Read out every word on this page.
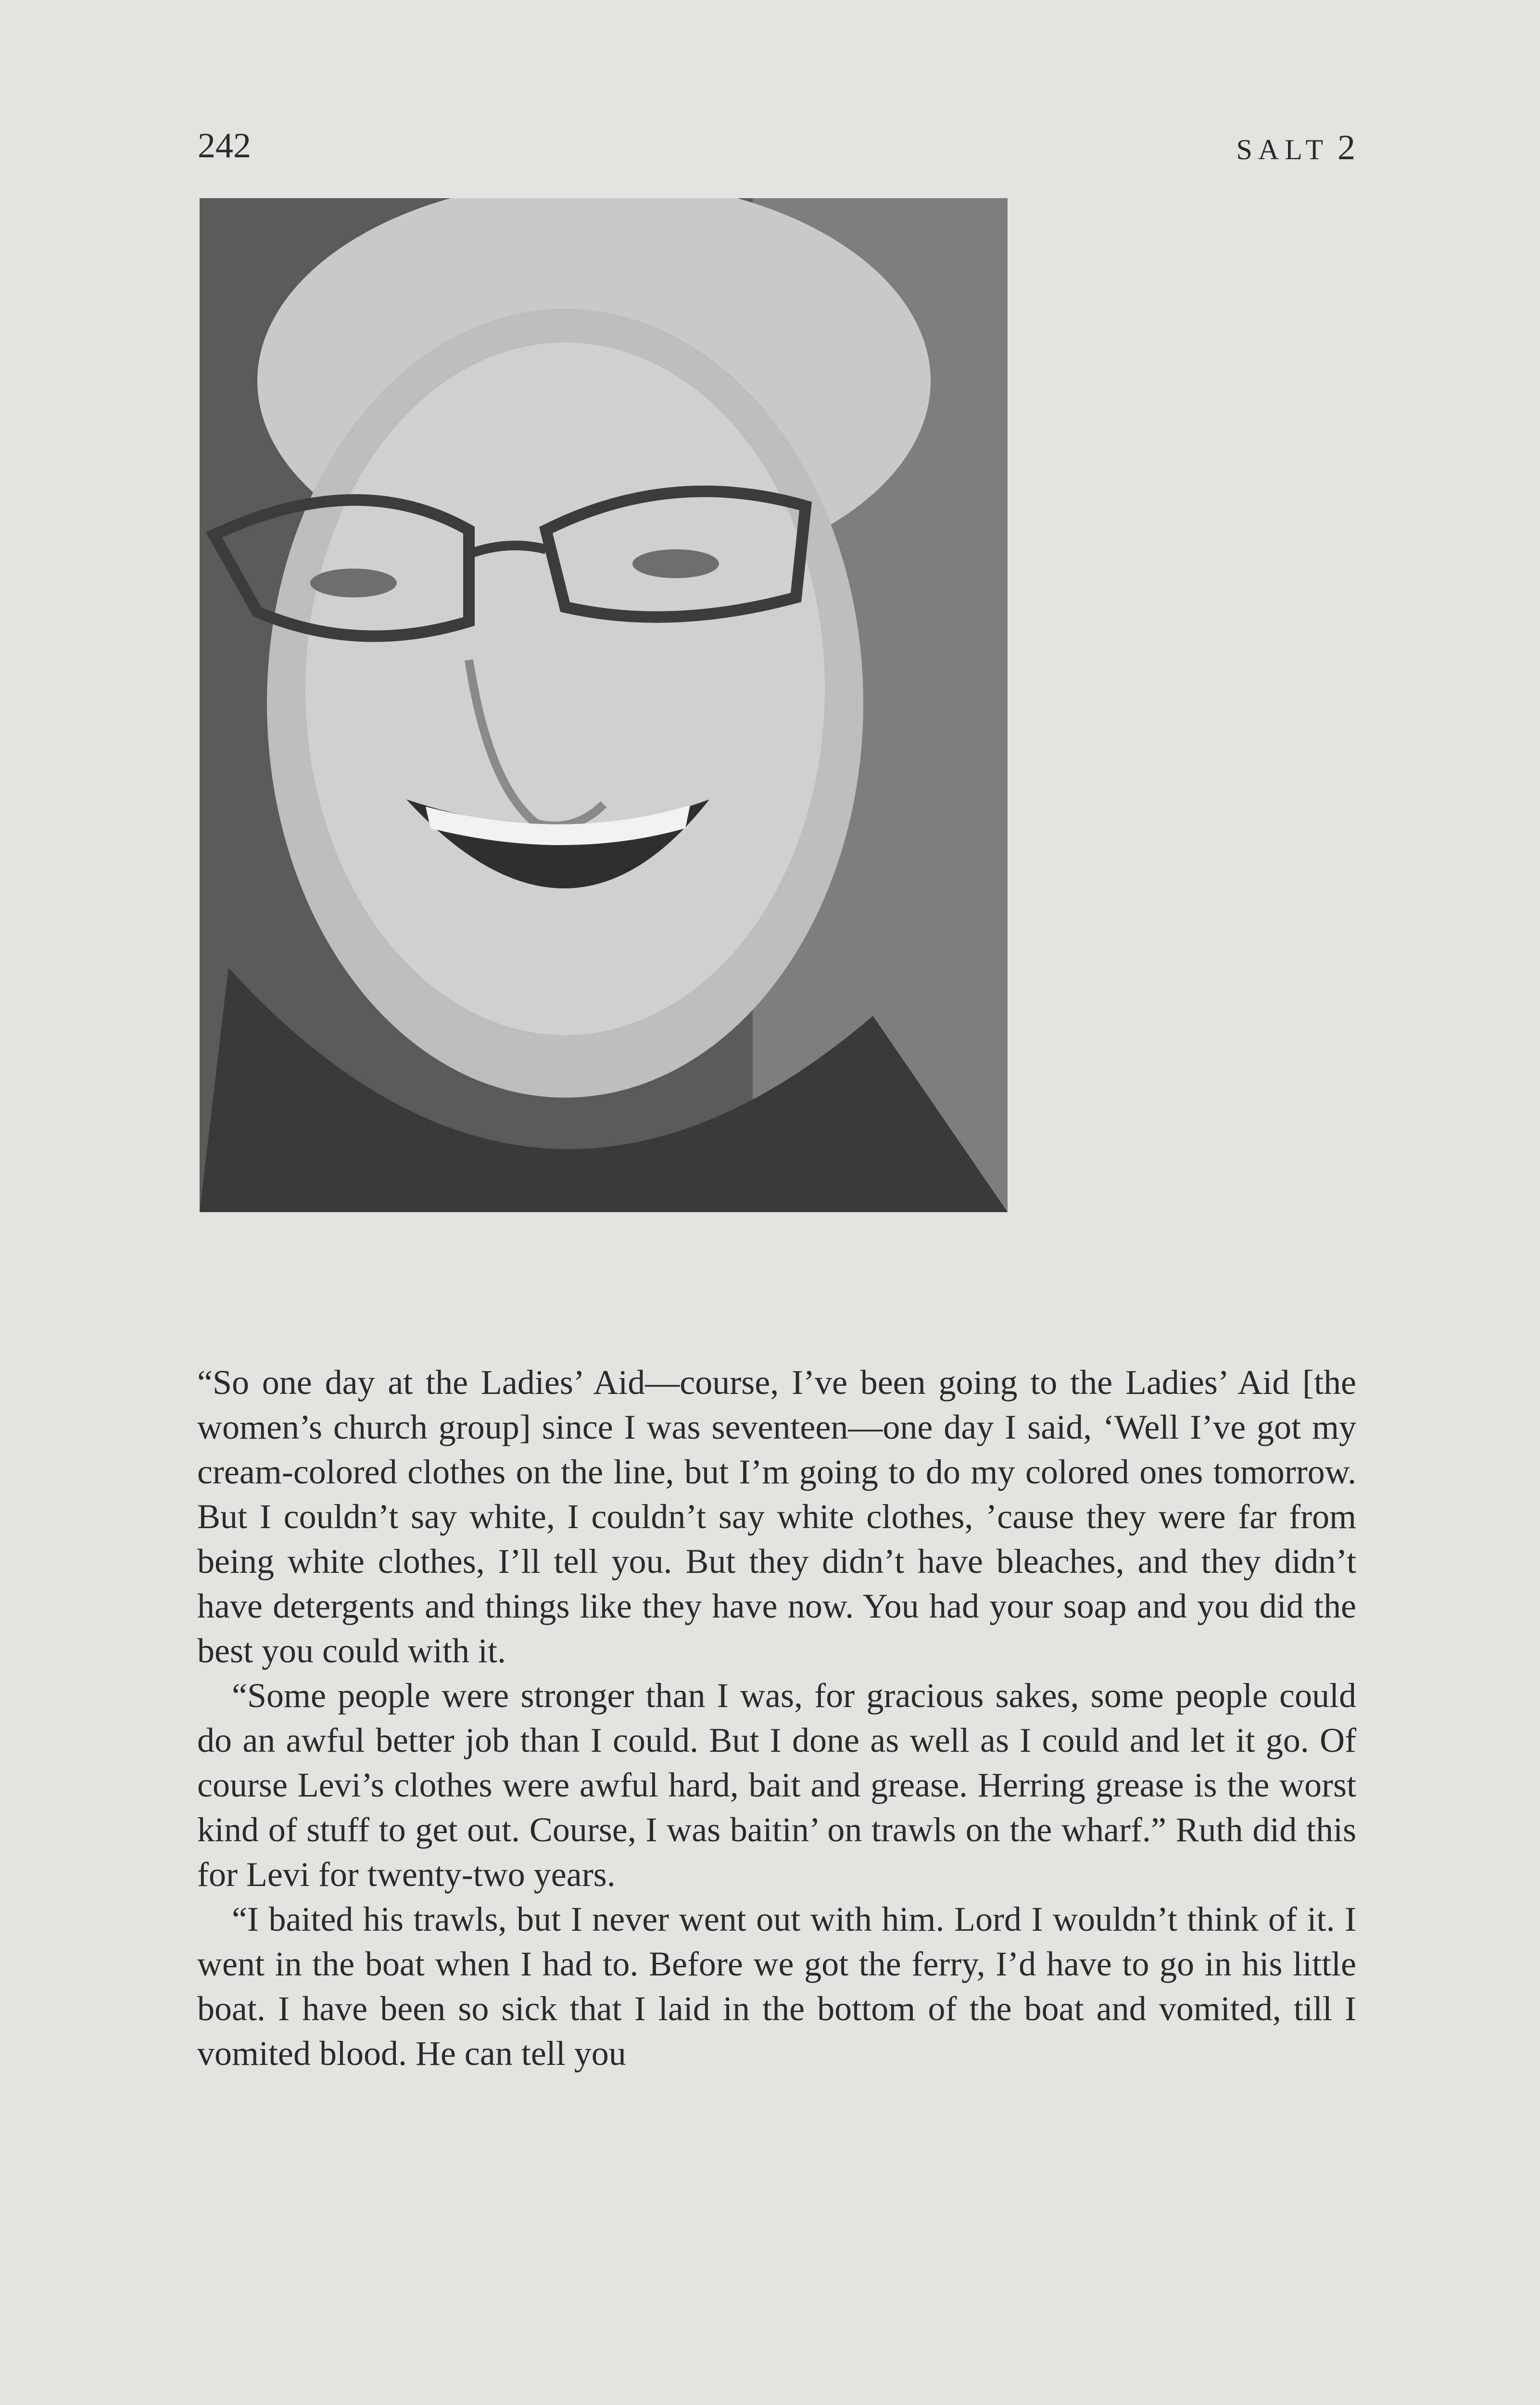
242	SALT 2

“So one day at the Ladies’ Aid—course, I’ve been going to the Ladies’ Aid [the women’s church group] since I was seventeen—one day I said, ‘Well I’ve got my cream-colored clothes on the line, but I’m going to do my colored ones tomorrow. But I couldn’t say white, I couldn’t say white clothes, ’cause they were far from being white clothes, I’ll tell you. But they didn’t have bleaches, and they didn’t have detergents and things like they have now. You had your soap and you did the best you could with it.

“Some people were stronger than I was, for gracious sakes, some people could do an awful better job than I could. But I done as well as I could and let it go. Of course Levi’s clothes were awful hard, bait and grease. Herring grease is the worst kind of stuff to get out. Course, I was baitin’ on trawls on the wharf.” Ruth did this for Levi for twenty-two years.

“I baited his trawls, but I never went out with him. Lord I wouldn’t think of it. I went in the boat when I had to. Before we got the ferry, I’d have to go in his little boat. I have been so sick that I laid in the bottom of the boat and vomited, till I vomited blood. He can tell you
